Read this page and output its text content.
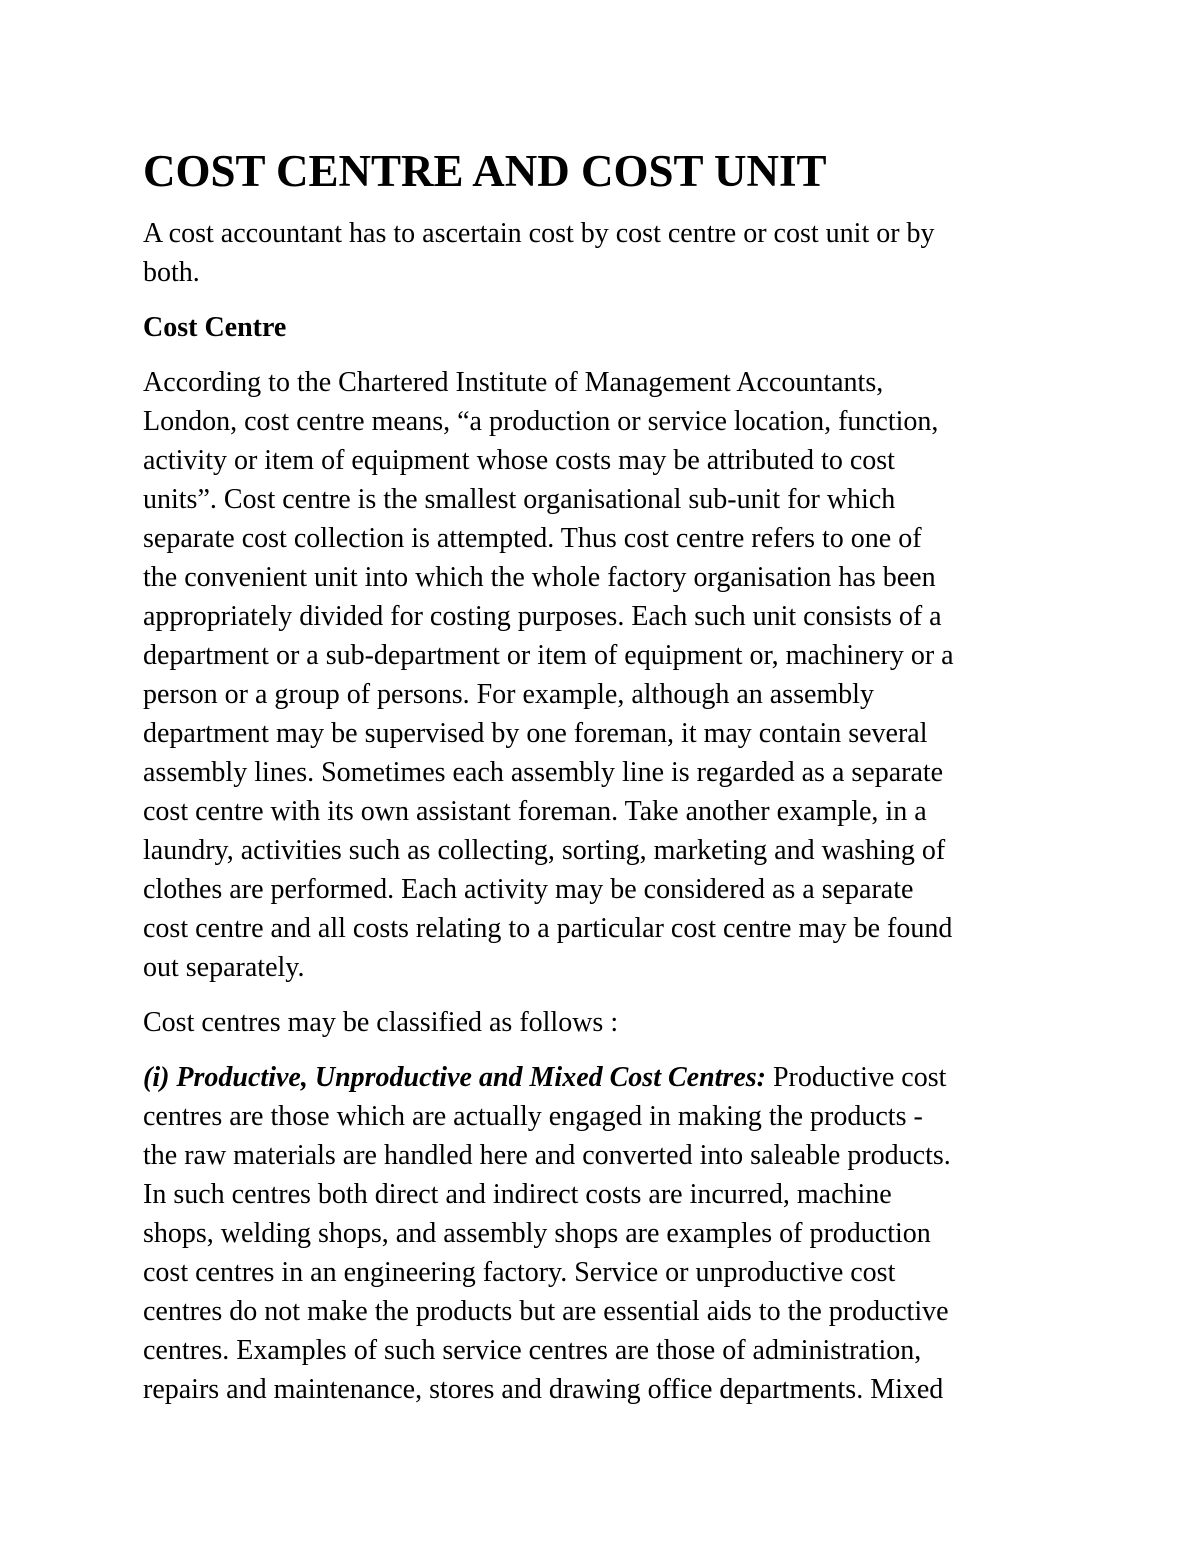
COST CENTRE AND COST UNIT

A cost accountant has to ascertain cost by cost centre or cost unit or by
both.

Cost Centre

According to the Chartered Institute of Management Accountants,
London, cost centre means, “a production or service location, function,
activity or item of equipment whose costs may be attributed to cost
units”. Cost centre is the smallest organisational sub-unit for which
separate cost collection is attempted. Thus cost centre refers to one of
the convenient unit into which the whole factory organisation has been
appropriately divided for costing purposes. Each such unit consists of a
department or a sub-department or item of equipment or, machinery or a
person or a group of persons. For example, although an assembly
department may be supervised by one foreman, it may contain several
assembly lines. Sometimes each assembly line is regarded as a separate
cost centre with its own assistant foreman. Take another example, in a
laundry, activities such as collecting, sorting, marketing and washing of
clothes are performed. Each activity may be considered as a separate
cost centre and all costs relating to a particular cost centre may be found
out separately.

Cost centres may be classified as follows :

(i) Productive, Unproductive and Mixed Cost Centres: Productive cost
centres are those which are actually engaged in making the products -
the raw materials are handled here and converted into saleable products.
In such centres both direct and indirect costs are incurred, machine
shops, welding shops, and assembly shops are examples of production
cost centres in an engineering factory. Service or unproductive cost
centres do not make the products but are essential aids to the productive
centres. Examples of such service centres are those of administration,
repairs and maintenance, stores and drawing office departments. Mixed
